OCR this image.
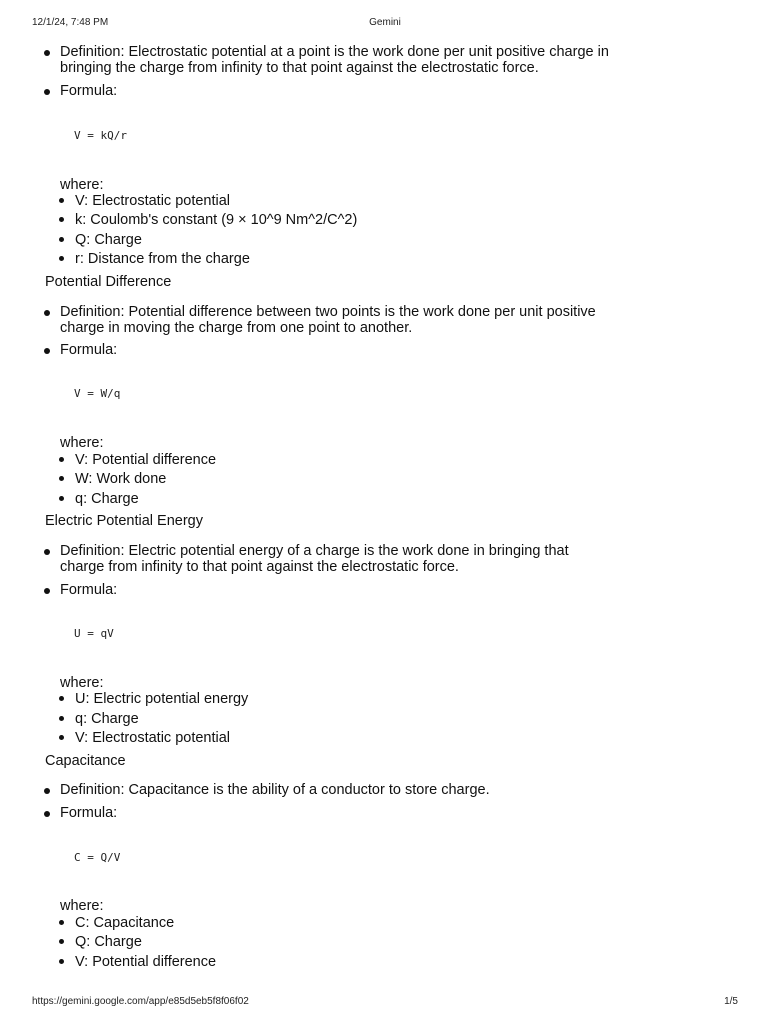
12/1/24, 7:48 PM	Gemini
Definition: Electrostatic potential at a point is the work done per unit positive charge in
bringing the charge from infinity to that point against the electrostatic force.
Formula:
V = kQ/r
where:
V: Electrostatic potential
k: Coulomb's constant (9 × 10^9 Nm^2/C^2)
Q: Charge
r: Distance from the charge
Potential Difference
Definition: Potential difference between two points is the work done per unit positive
charge in moving the charge from one point to another.
Formula:
V = W/q
where:
V: Potential difference
W: Work done
q: Charge
Electric Potential Energy
Definition: Electric potential energy of a charge is the work done in bringing that
charge from infinity to that point against the electrostatic force.
Formula:
U = qV
where:
U: Electric potential energy
q: Charge
V: Electrostatic potential
Capacitance
Definition: Capacitance is the ability of a conductor to store charge.
Formula:
C = Q/V
where:
C: Capacitance
Q: Charge
V: Potential difference
https://gemini.google.com/app/e85d5eb5f8f06f02	1/5
